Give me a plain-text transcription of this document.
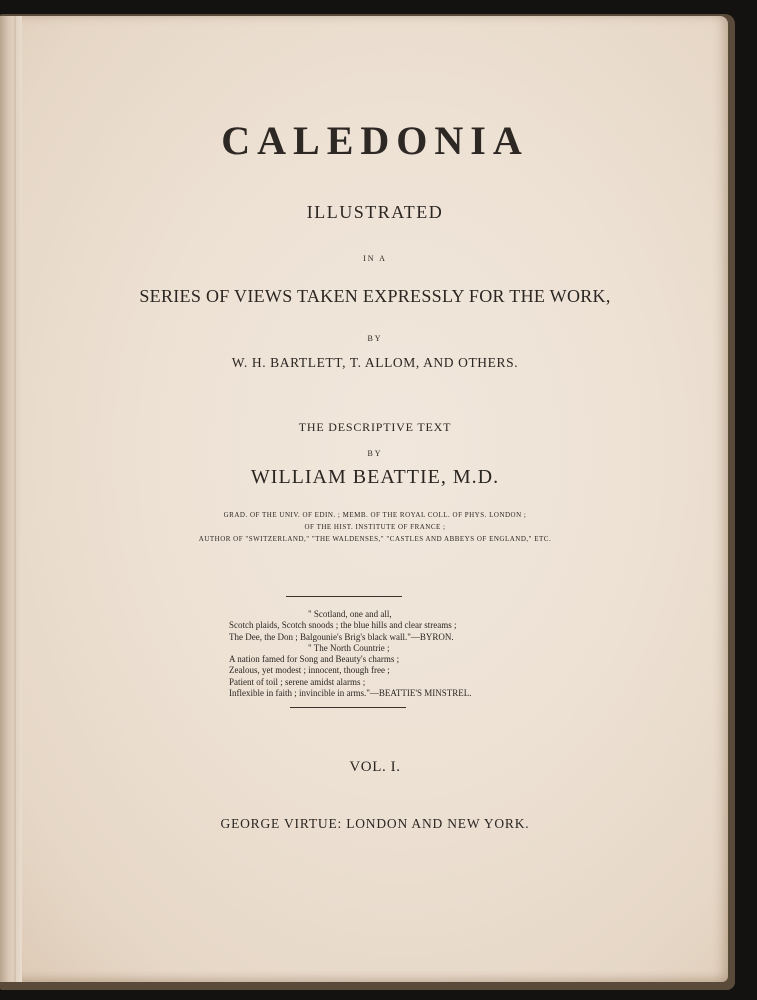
CALEDONIA
ILLUSTRATED
IN A
SERIES OF VIEWS TAKEN EXPRESSLY FOR THE WORK,
BY
W. H. BARTLETT, T. ALLOM, AND OTHERS.
THE DESCRIPTIVE TEXT
BY
WILLIAM BEATTIE, M.D.
GRAD. OF THE UNIV. OF EDIN. ; MEMB. OF THE ROYAL COLL. OF PHYS. LONDON ;
OF THE HIST. INSTITUTE OF FRANCE ;
AUTHOR OF "SWITZERLAND," "THE WALDENSES," "CASTLES AND ABBEYS OF ENGLAND," ETC.
" Scotland, one and all,
Scotch plaids, Scotch snoods ; the blue hills and clear streams ;
The Dee, the Don ; Balgounie's Brig's black wall."—BYRON.
" The North Countrie ;
A nation famed for Song and Beauty's charms ;
Zealous, yet modest ; innocent, though free ;
Patient of toil ; serene amidst alarms ;
Inflexible in faith ; invincible in arms."—BEATTIE'S MINSTREL.
VOL. I.
GEORGE VIRTUE: LONDON AND NEW YORK.
